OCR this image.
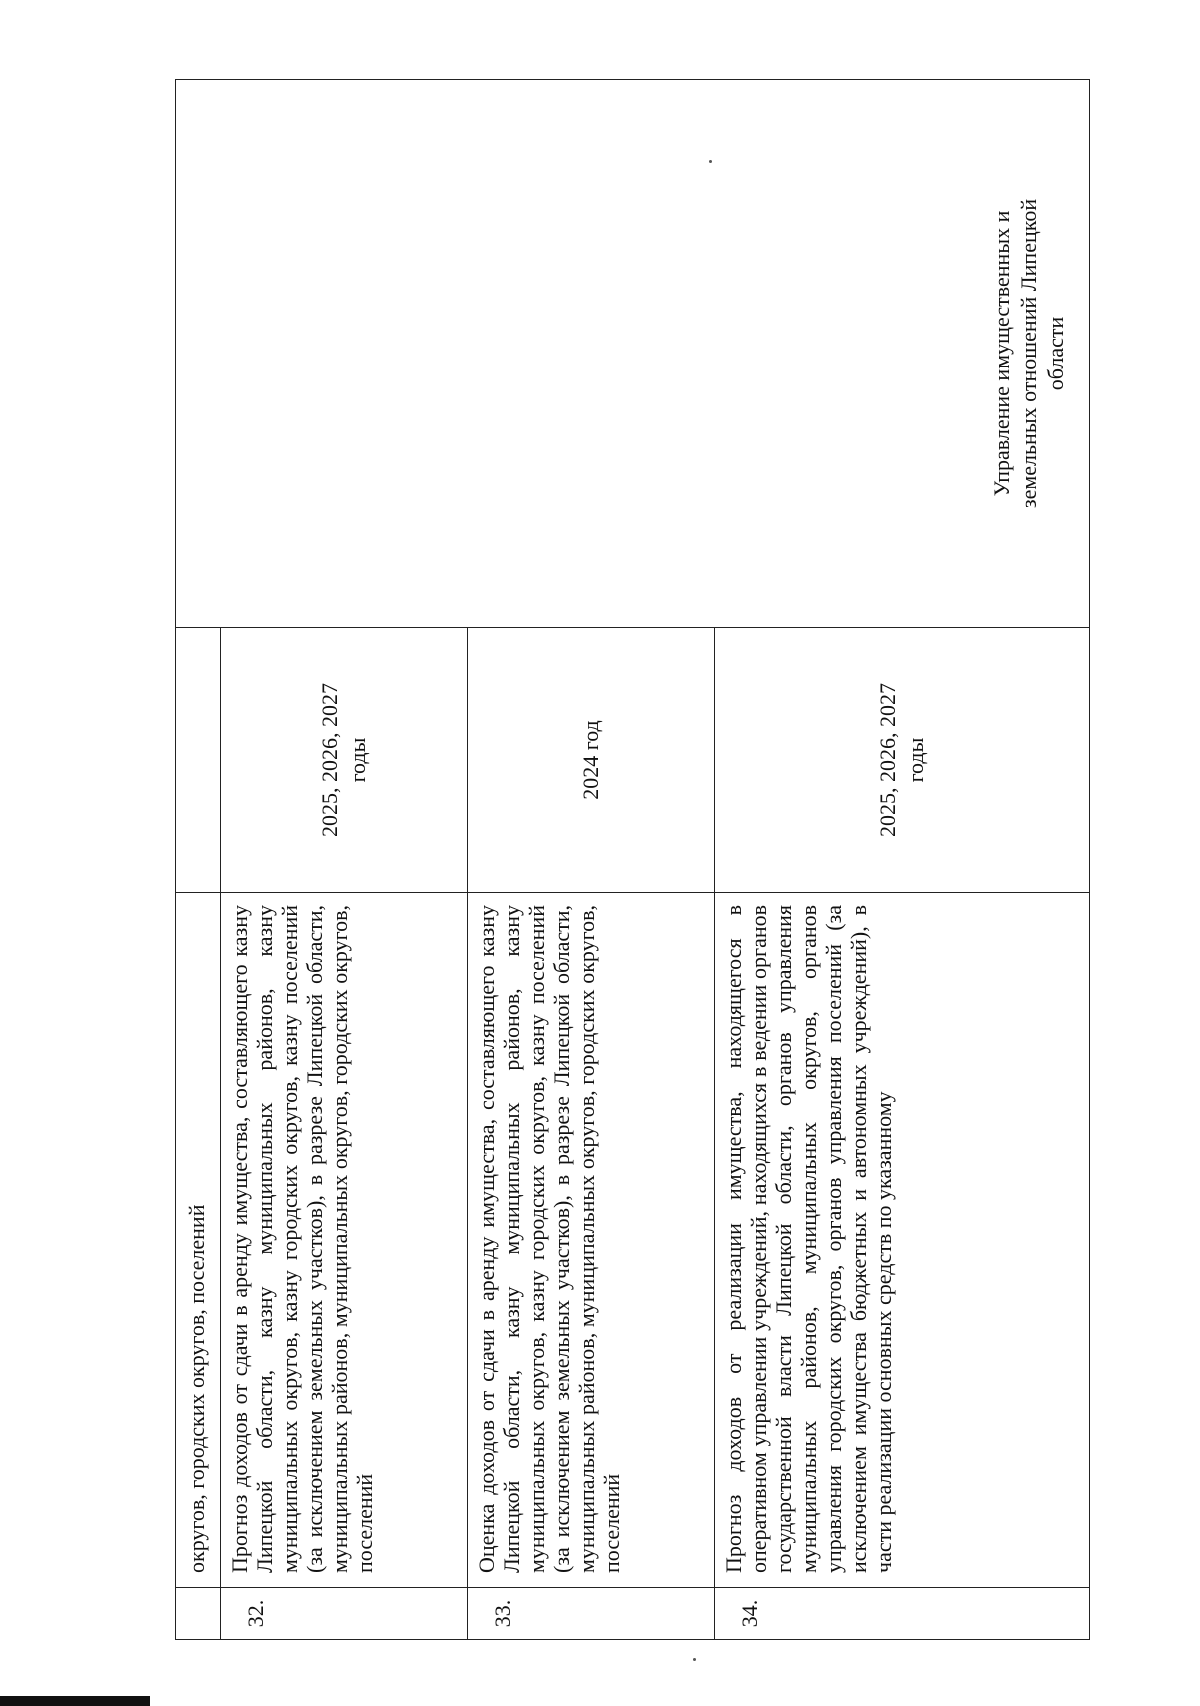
	округов, городских округов, поселений		Управление имущественных и земельных отношений Липецкой области

32.	Прогноз доходов от сдачи в аренду имущества, составляющего казну Липецкой области, казну муниципальных районов, казну муниципальных округов, казну городских округов, казну поселений (за исключением земельных участков), в разрезе Липецкой области, муниципальных районов, муниципальных округов, городских округов, поселений	2025, 2026, 2027 годы	

33.	Оценка доходов от сдачи в аренду имущества, составляющего казну Липецкой области, казну муниципальных районов, казну муниципальных округов, казну городских округов, казну поселений (за исключением земельных участков), в разрезе Липецкой области, муниципальных районов, муниципальных округов, городских округов, поселений	2024 год	

34.	Прогноз доходов от реализации имущества, находящегося в оперативном управлении учреждений, находящихся в ведении органов государственной власти Липецкой области, органов управления муниципальных районов, муниципальных округов, органов управления городских округов, органов управления поселений (за исключением имущества бюджетных и автономных учреждений), в части реализации основных средств по указанному	2025, 2026, 2027 годы	
